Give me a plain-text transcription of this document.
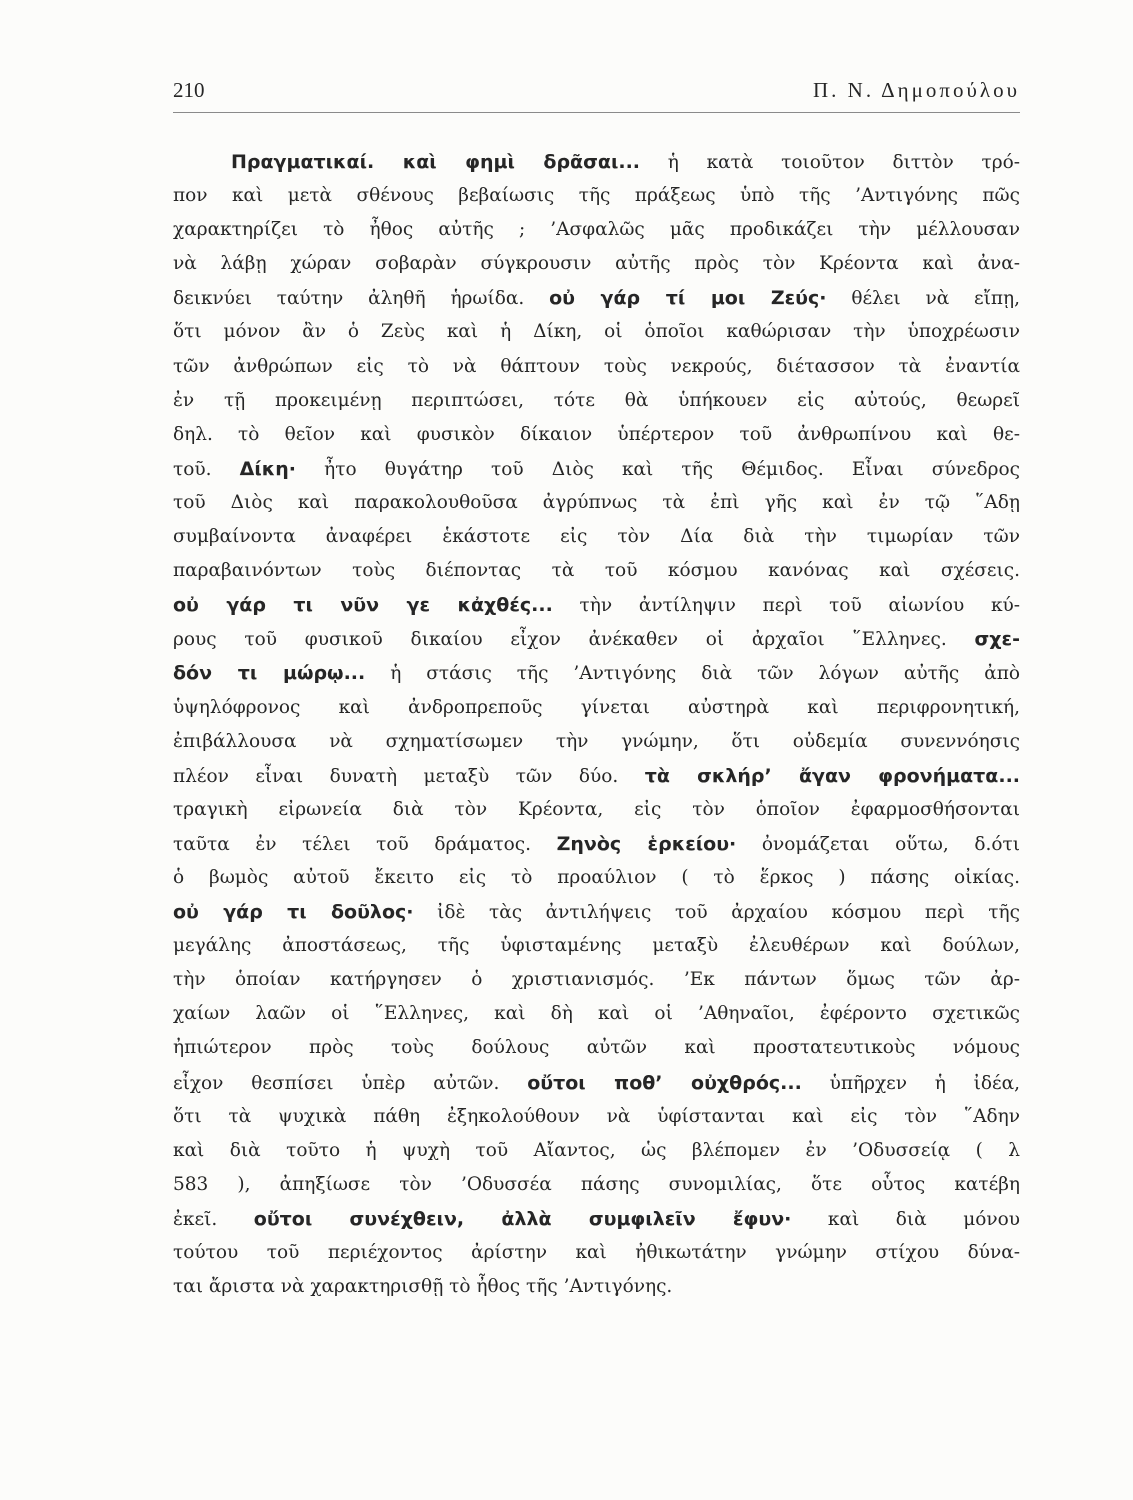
210	Π. Ν. Δημοπούλου
Πραγματικαί. καὶ φημὶ δρᾶσαι... ἡ κατὰ τοιοῦτον διττὸν τρό-
πον καὶ μετὰ σθένους βεβαίωσις τῆς πράξεως ὑπὸ τῆς ’Αντιγόνης πῶς
χαρακτηρίζει τὸ ἦθος αὐτῆς ; ’Ασφαλῶς μᾶς προδικάζει τὴν μέλλουσαν
νὰ λάβῃ χώραν σοβαρὰν σύγκρουσιν αὐτῆς πρὸς τὸν Κρέοντα καὶ ἀνα-
δεικνύει ταύτην ἀληθῆ ἡρωίδα. οὐ γάρ τί μοι Ζεύς· θέλει νὰ εἴπῃ,
ὅτι μόνον ἂν ὁ Ζεὺς καὶ ἡ Δίκη, οἱ ὁποῖοι καθώρισαν τὴν ὑποχρέωσιν
τῶν ἀνθρώπων εἰς τὸ νὰ θάπτουν τοὺς νεκρούς, διέτασσον τὰ ἐναντία
ἐν τῇ προκειμένῃ περιπτώσει, τότε θὰ ὑπήκουεν εἰς αὐτούς, θεωρεῖ
δηλ. τὸ θεῖον καὶ φυσικὸν δίκαιον ὑπέρτερον τοῦ ἀνθρωπίνου καὶ θε-
τοῦ. Δίκη· ἦτο θυγάτηρ τοῦ Διὸς καὶ τῆς Θέμιδος. Εἶναι σύνεδρος
τοῦ Διὸς καὶ παρακολουθοῦσα ἀγρύπνως τὰ ἐπὶ γῆς καὶ ἐν τῷ ῞Αδῃ
συμβαίνοντα ἀναφέρει ἑκάστοτε εἰς τὸν Δία διὰ τὴν τιμωρίαν τῶν
παραβαινόντων τοὺς διέποντας τὰ τοῦ κόσμου κανόνας καὶ σχέσεις.
οὐ γάρ τι νῦν γε κἀχθές... τὴν ἀντίληψιν περὶ τοῦ αἰωνίου κύ-
ρους τοῦ φυσικοῦ δικαίου εἶχον ἀνέκαθεν οἱ ἀρχαῖοι ῞Ελληνες. σχε-
δόν τι μώρῳ... ἡ στάσις τῆς ’Αντιγόνης διὰ τῶν λόγων αὐτῆς ἀπὸ
ὑψηλόφρονος καὶ ἀνδροπρεποῦς γίνεται αὐστηρὰ καὶ περιφρονητική,
ἐπιβάλλουσα νὰ σχηματίσωμεν τὴν γνώμην, ὅτι οὐδεμία συνεννόησις
πλέον εἶναι δυνατὴ μεταξὺ τῶν δύο. τὰ σκλήρ’ ἄγαν φρονήματα...
τραγικὴ εἰρωνεία διὰ τὸν Κρέοντα, εἰς τὸν ὁποῖον ἐφαρμοσθήσονται
ταῦτα ἐν τέλει τοῦ δράματος. Ζηνὸς ἑρκείου· ὀνομάζεται οὕτω, δ.ότι
ὁ βωμὸς αὐτοῦ ἔκειτο εἰς τὸ προαύλιον ( τὸ ἕρκος ) πάσης οἰκίας.
οὐ γάρ τι δοῦλος· ἰδὲ τὰς ἀντιλήψεις τοῦ ἀρχαίου κόσμου περὶ τῆς
μεγάλης ἀποστάσεως, τῆς ὑφισταμένης μεταξὺ ἐλευθέρων καὶ δούλων,
τὴν ὁποίαν κατήργησεν ὁ χριστιανισμός. ’Εκ πάντων ὅμως τῶν ἀρ-
χαίων λαῶν οἱ ῞Ελληνες, καὶ δὴ καὶ οἱ ’Αθηναῖοι, ἐφέροντο σχετικῶς
ἠπιώτερον πρὸς τοὺς δούλους αὐτῶν καὶ προστατευτικοὺς νόμους
εἶχον θεσπίσει ὑπὲρ αὐτῶν. οὔτοι ποθ’ οὐχθρός... ὑπῆρχεν ἡ ἰδέα,
ὅτι τὰ ψυχικὰ πάθη ἐξηκολούθουν νὰ ὑφίστανται καὶ εἰς τὸν ῞Αδην
καὶ διὰ τοῦτο ἡ ψυχὴ τοῦ Αἴαντος, ὡς βλέπομεν ἐν ’Οδυσσείᾳ ( λ
583 ), ἀπηξίωσε τὸν ’Οδυσσέα πάσης συνομιλίας, ὅτε οὗτος κατέβη
ἐκεῖ. οὔτοι συνέχθειν, ἀλλὰ συμφιλεῖν ἔφυν· καὶ διὰ μόνου
τούτου τοῦ περιέχοντος ἀρίστην καὶ ἠθικωτάτην γνώμην στίχου δύνα-
ται ἄριστα νὰ χαρακτηρισθῇ τὸ ἦθος τῆς ’Αντιγόνης.
